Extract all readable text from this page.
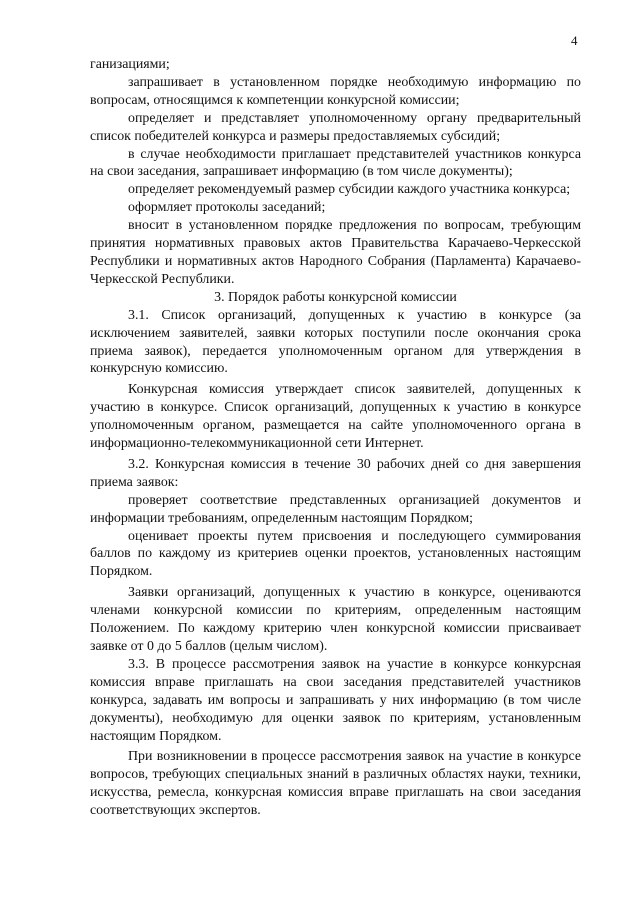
4

ганизациями;

запрашивает в установленном порядке необходимую информацию по вопросам, относящимся к компетенции конкурсной комиссии;

определяет и представляет уполномоченному органу предварительный список победителей конкурса и размеры предоставляемых субсидий;

в случае необходимости приглашает представителей участников конкурса на свои заседания, запрашивает информацию (в том числе документы);

определяет рекомендуемый размер субсидии каждого участника конкурса;

оформляет протоколы заседаний;

вносит в установленном порядке предложения по вопросам, требующим принятия нормативных правовых актов Правительства Карачаево-Черкесской Республики и нормативных актов Народного Собрания (Парламента) Карачаево-Черкесской Республики.

3. Порядок работы конкурсной комиссии

3.1. Список организаций, допущенных к участию в конкурсе (за исключением заявителей, заявки которых поступили после окончания срока приема заявок), передается уполномоченным органом для утверждения в конкурсную комиссию.

Конкурсная комиссия утверждает список заявителей, допущенных к участию в конкурсе. Список организаций, допущенных к участию в конкурсе уполномоченным органом, размещается на сайте уполномоченного органа в информационно-телекоммуникационной сети Интернет.

3.2. Конкурсная комиссия в течение 30 рабочих дней со дня завершения приема заявок:

проверяет соответствие представленных организацией документов и информации требованиям, определенным настоящим Порядком;

оценивает проекты путем присвоения и последующего суммирования баллов по каждому из критериев оценки проектов, установленных настоящим Порядком.

Заявки организаций, допущенных к участию в конкурсе, оцениваются членами конкурсной комиссии по критериям, определенным настоящим Положением. По каждому критерию член конкурсной комиссии присваивает заявке от 0 до 5 баллов (целым числом).

3.3. В процессе рассмотрения заявок на участие в конкурсе конкурсная комиссия вправе приглашать на свои заседания представителей участников конкурса, задавать им вопросы и запрашивать у них информацию (в том числе документы), необходимую для оценки заявок по критериям, установленным настоящим Порядком.

При возникновении в процессе рассмотрения заявок на участие в конкурсе вопросов, требующих специальных знаний в различных областях науки, техники, искусства, ремесла, конкурсная комиссия вправе приглашать на свои заседания соответствующих экспертов.
